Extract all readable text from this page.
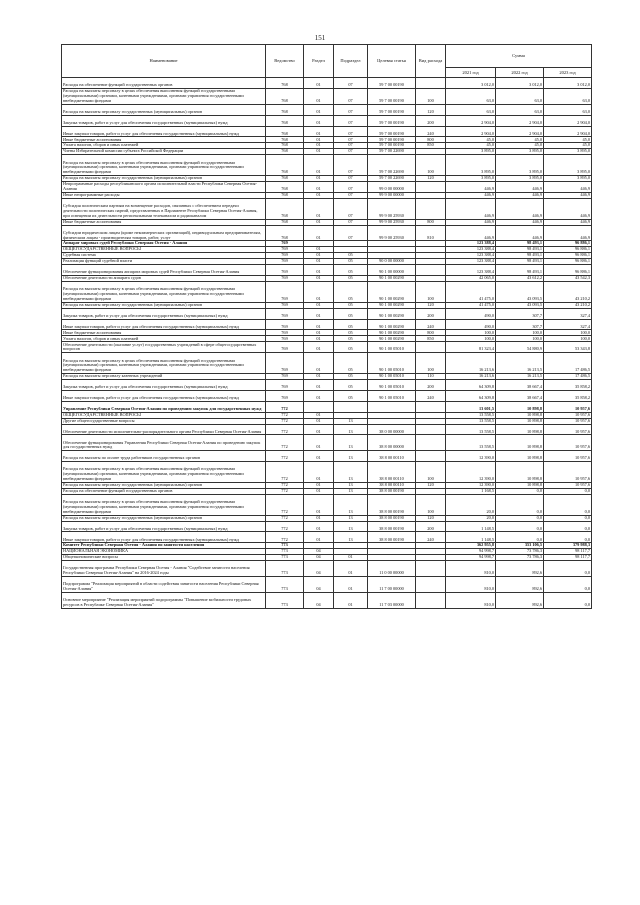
151
Наименование	Ведомство	Раздел	Подраздел	Целевая статья	Вид расхода	Сумма		
						2021 год	2022 год	2023 год
Расходы на обеспечение функций государственных органов	768	01	07	59 7 00 00190		3 012,0	3 012,0	3 012,0
Расходы на выплаты персоналу в целях обеспечения выполнения функций государственными (муниципальными) органами, казенными учреждениями, органами управления государственными внебюджетными фондами	768	01	07	59 7 00 00190	100	63,0	63,0	63,0
Расходы на выплаты персоналу государственных (муниципальных) органов	768	01	07	59 7 00 00190	120	63,0	63,0	63,0
Закупка товаров, работ и услуг для обеспечения государственных (муниципальных) нужд	768	01	07	59 7 00 00190	200	2 904,0	2 904,0	2 904,0
Иные закупки товаров, работ и услуг для обеспечения государственных (муниципальных) нужд	768	01	07	59 7 00 00190	240	2 904,0	2 904,0	2 904,0
Иные бюджетные ассигнования	768	01	07	59 7 00 00190	800	45,0	45,0	45,0
Уплата налогов, сборов и иных платежей	768	01	07	59 7 00 00190	850	45,0	45,0	45,0
Члены Избирательной комиссии субъекта Российской Федерации	768	01	07	59 7 00 22690		3 895,0	3 895,0	3 895,0
Расходы на выплаты персоналу в целях обеспечения выполнения функций государственными (муниципальными) органами, казенными учреждениями, органами управления государственными внебюджетными фондами	768	01	07	59 7 00 22690	100	3 895,0	3 895,0	3 895,0
Расходы на выплаты персоналу государственных (муниципальных) органов	768	01	07	59 7 00 22690	120	3 895,0	3 895,0	3 895,0
Непрограммные расходы республиканского органа исполнительной власти Республики Северная Осетия-Алания	768	01	07	99 0 00 00000		446,9	446,9	446,9
Иные непрограммные расходы	768	01	07	99 9 00 00000		446,9	446,9	446,9
Субсидия политическим партиям на возмещение расходов, связанных с обеспечением передачи деятельности политических партий, представленных в Парламенте Республики Северная Осетия-Алания, при освещении их деятельности региональными телеканалом и радиоканалом	768	01	07	99 9 00 25930		446,9	446,9	446,9
Иные бюджетные ассигнования	768	01	07	99 9 00 25930	800	446,9	446,9	446,9
Субсидии юридическим лицам (кроме некоммерческих организаций), индивидуальным предпринимателям, физическим лицам - производителям товаров, работ, услуг	768	01	07	99 9 00 25930	810	446,9	446,9	446,9
Аппарат мировых судей Республики Северная Осетия - Алания	769					123 388,4	98 493,1	96 886,1
ОБЩЕГОСУДАРСТВЕННЫЕ ВОПРОСЫ	769	01				123 388,4	98 493,1	96 886,1
Судебная система	769	01	05			123 388,4	98 493,1	96 886,1
Реализация функций судебной власти	769	01	05	90 0 00 00000		123 388,4	98 493,1	96 886,1
Обеспечение функционирования аппарата мировых судей Республики Северная Осетия-Алания	769	01	05	90 1 00 00000		123 388,4	98 493,1	96 886,1
Обеспечение деятельности аппарата судов	769	01	05	90 1 00 00290		42 065,0	43 612,2	43 542,3
Расходы на выплаты персоналу в целях обеспечения выполнения функций государственными (муниципальными) органами, казенными учреждениями, органами управления государственными внебюджетными фондами	769	01	05	90 1 00 00290	100	41 475,0	43 093,5	43 210,2
Расходы на выплаты персоналу государственных (муниципальных) органов	769	01	05	90 1 00 00290	120	41 475,0	43 093,5	43 210,2
Закупка товаров, работ и услуг для обеспечения государственных (муниципальных) нужд	769	01	05	90 1 00 00290	200	490,0	307,7	327,4
Иные закупки товаров, работ и услуг для обеспечения государственных (муниципальных) нужд	769	01	05	90 1 00 00290	240	490,0	307,7	327,4
Иные бюджетные ассигнования	769	01	05	90 1 00 00290	800	100,0	100,0	100,0
Уплата налогов, сборов и иных платежей	769	01	05	90 1 00 00290	850	100,0	100,0	100,0
Обеспечение деятельности (оказание услуг) государственных учреждений в сфере общегосударственных вопросов	769	01	05	90 1 00 05010		81 323,4	54 880,9	53 343,8
Расходы на выплаты персоналу в целях обеспечения выполнения функций государственными (муниципальными) органами, казенными учреждениями, органами управления государственными внебюджетными фондами	769	01	05	90 1 00 05010	100	16 213,6	16 213,5	17 486,5
Расходы на выплаты персоналу казенных учреждений	769	01	05	90 1 00 05010	110	16 213,6	16 213,5	17 486,5
Закупка товаров, работ и услуг для обеспечения государственных (муниципальных) нужд	769	01	05	90 1 00 05010	200	64 309,8	38 667,4	35 858,2
Иные закупки товаров, работ и услуг для обеспечения государственных (муниципальных) нужд	769	01	05	90 1 00 05010	240	64 309,8	38 667,4	35 858,2
Управление Республики Северная Осетия-Алания по проведению закупок для государственных нужд	772					13 601,5	10 898,8	10 957,6
ОБЩЕГОСУДАРСТВЕННЫЕ ВОПРОСЫ	772	01				13 558,5	10 898,8	10 957,6
Другие общегосударственные вопросы	772	01	13			13 558,5	10 898,8	10 957,6
Обеспечение деятельности исполнительно-распорядительного органа Республики Северная Осетия-Алания	772	01	13	38 0 00 00000		13 558,5	10 898,8	10 957,6
Обеспечение функционирования Управления Республики Северная Осетия-Алания по проведению закупок для государственных нужд	772	01	13	38 8 00 00000		13 558,5	10 898,8	10 957,6
Расходы на выплаты по оплате труда работников государственных органов	772	01	13	38 8 00 00110		12 390,0	10 898,8	10 957,6
Расходы на выплаты персоналу в целях обеспечения выполнения функций государственными (муниципальными) органами, казенными учреждениями, органами управления государственными внебюджетными фондами	772	01	13	38 8 00 00110	100	12 390,0	10 898,8	10 957,6
Расходы на выплаты персоналу государственных (муниципальных) органов	772	01	13	38 8 00 00110	120	12 390,0	10 898,8	10 957,6
Расходы на обеспечение функций государственных органов	772	01	13	38 8 00 00190		1 168,5	0,0	0,0
Расходы на выплаты персоналу в целях обеспечения выполнения функций государственными (муниципальными) органами, казенными учреждениями, органами управления государственными внебюджетными фондами	772	01	13	38 8 00 00190	100	20,0	0,0	0,0
Расходы на выплаты персоналу государственных (муниципальных) органов	772	01	13	38 8 00 00190	120	20,0	0,0	0,0
Закупка товаров, работ и услуг для обеспечения государственных (муниципальных) нужд	772	01	13	38 8 00 00190	200	1 148,5	0,0	0,0
Иные закупки товаров, работ и услуг для обеспечения государственных (муниципальных) нужд	772	01	13	38 8 00 00190	240	1 148,5	0,0	0,0
Комитет Республики Северная Осетия - Алания по занятости населения	773					362 955,8	353 106,5	379 988,3
НАЦИОНАЛЬНАЯ ЭКОНОМИКА	773	04				94 998,7	73 786,3	98 117,7
Общеэкономические вопросы	773	04	01			94 998,7	73 786,3	98 117,7
Государственная программа Республики Северная Осетия - Алания "Содействие занятости населения Республики Северная Осетия-Алания" на 2016-2024 годы	773	04	01	11 0 00 00000		810,0	892,6	0,0
Подпрограмма "Реализация мероприятий в области содействия занятости населения Республики Северная Осетия-Алания"	773	04	01	11 7 00 00000		810,0	892,6	0,0
Основное мероприятие "Реализация мероприятий подпрограммы "Повышение мобильности трудовых ресурсов в Республике Северная Осетия-Алания"	773	04	01	11 7 03 00000		810,0	892,6	0,0
